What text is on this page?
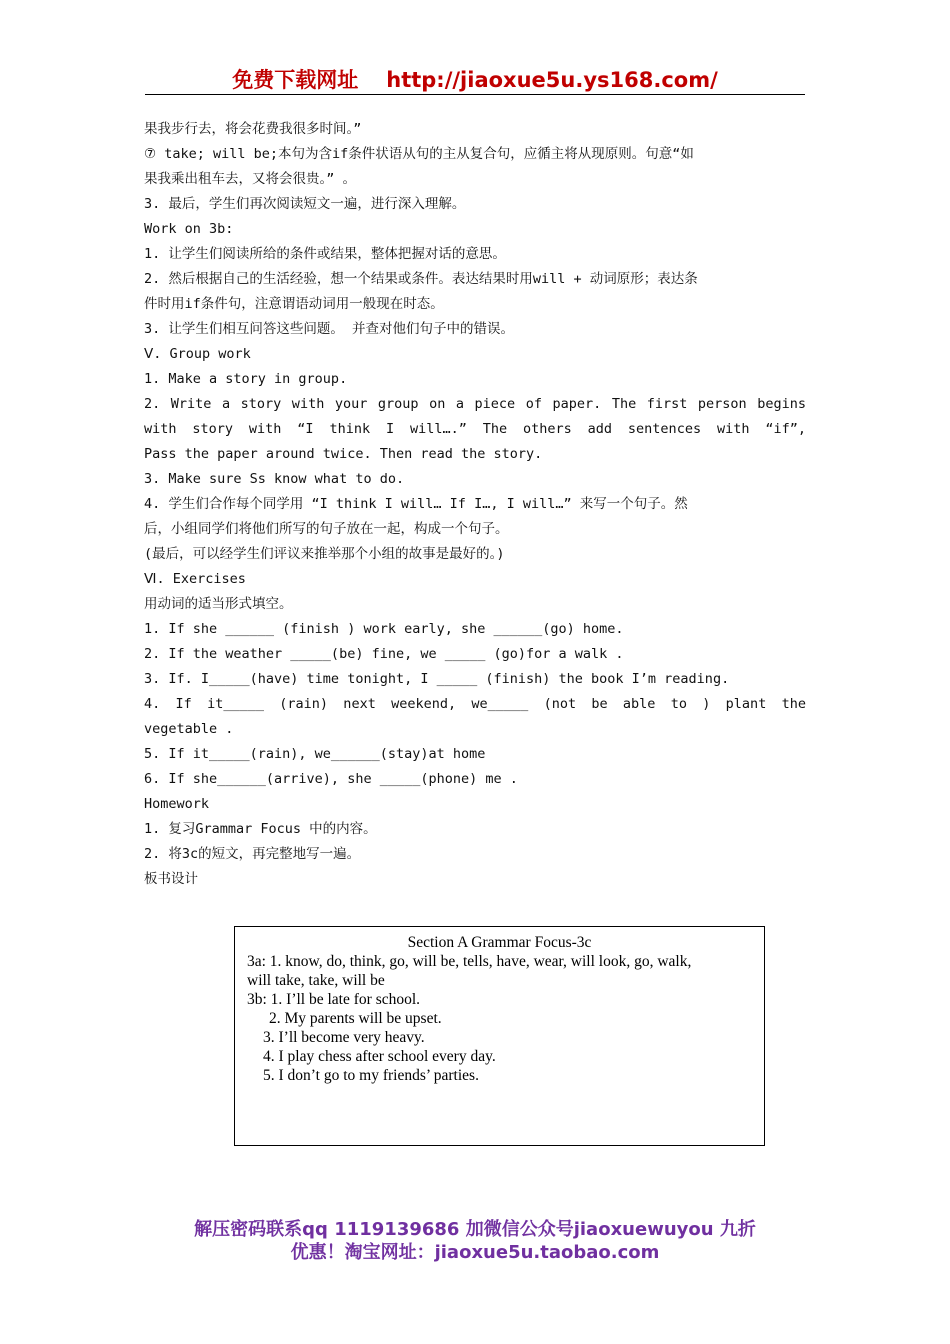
免费下载网址 http://jiaoxue5u.ys168.com/
果我步行去，将会花费我很多时间。”
⑦ take; will be;本句为含if条件状语从句的主从复合句，应循主将从现原则。句意“如
果我乘出租车去，又将会很贵。” 。
3. 最后，学生们再次阅读短文一遍，进行深入理解。
Work on 3b:
1. 让学生们阅读所给的条件或结果，整体把握对话的意思。
2. 然后根据自己的生活经验，想一个结果或条件。表达结果时用will + 动词原形；表达条
件时用if条件句，注意谓语动词用一般现在时态。
3. 让学生们相互问答这些问题。 并查对他们句子中的错误。
Ⅴ. Group work
1. Make a story in group.
2. Write a story with your group on a piece of paper. The first person begins
with story with “I think I will….” The others add sentences with “if”,
Pass the paper around twice. Then read the story.
3. Make sure Ss know what to do.
4. 学生们合作每个同学用 “I think I will… If I…, I will…” 来写一个句子。然
后，小组同学们将他们所写的句子放在一起，构成一个句子。
(最后，可以经学生们评议来推举那个小组的故事是最好的。)
Ⅵ. Exercises
用动词的适当形式填空。
1. If she ______ (finish ) work early, she ______(go) home.
2. If the weather _____(be) fine, we _____ (go)for a walk .
3. If. I_____(have) time tonight, I _____ (finish) the book I’m reading.
4. If it_____ (rain) next weekend, we_____ (not be able to ) plant the
vegetable .
5. If it_____(rain), we______(stay)at home
6. If she______(arrive), she _____(phone) me .
Homework
1. 复习Grammar Focus 中的内容。
2. 将3c的短文，再完整地写一遍。
板书设计
Section A Grammar Focus-3c
3a: 1. know, do, think, go, will be, tells, have, wear, will look, go, walk,
will take, take, will be
3b: 1. I’ll be late for school.
2. My parents will be upset.
3. I’ll become very heavy.
4. I play chess after school every day.
5. I don’t go to my friends’ parties.
解压密码联系qq 1119139686 加微信公众号jiaoxuewuyou 九折
优惠！淘宝网址：jiaoxue5u.taobao.com
